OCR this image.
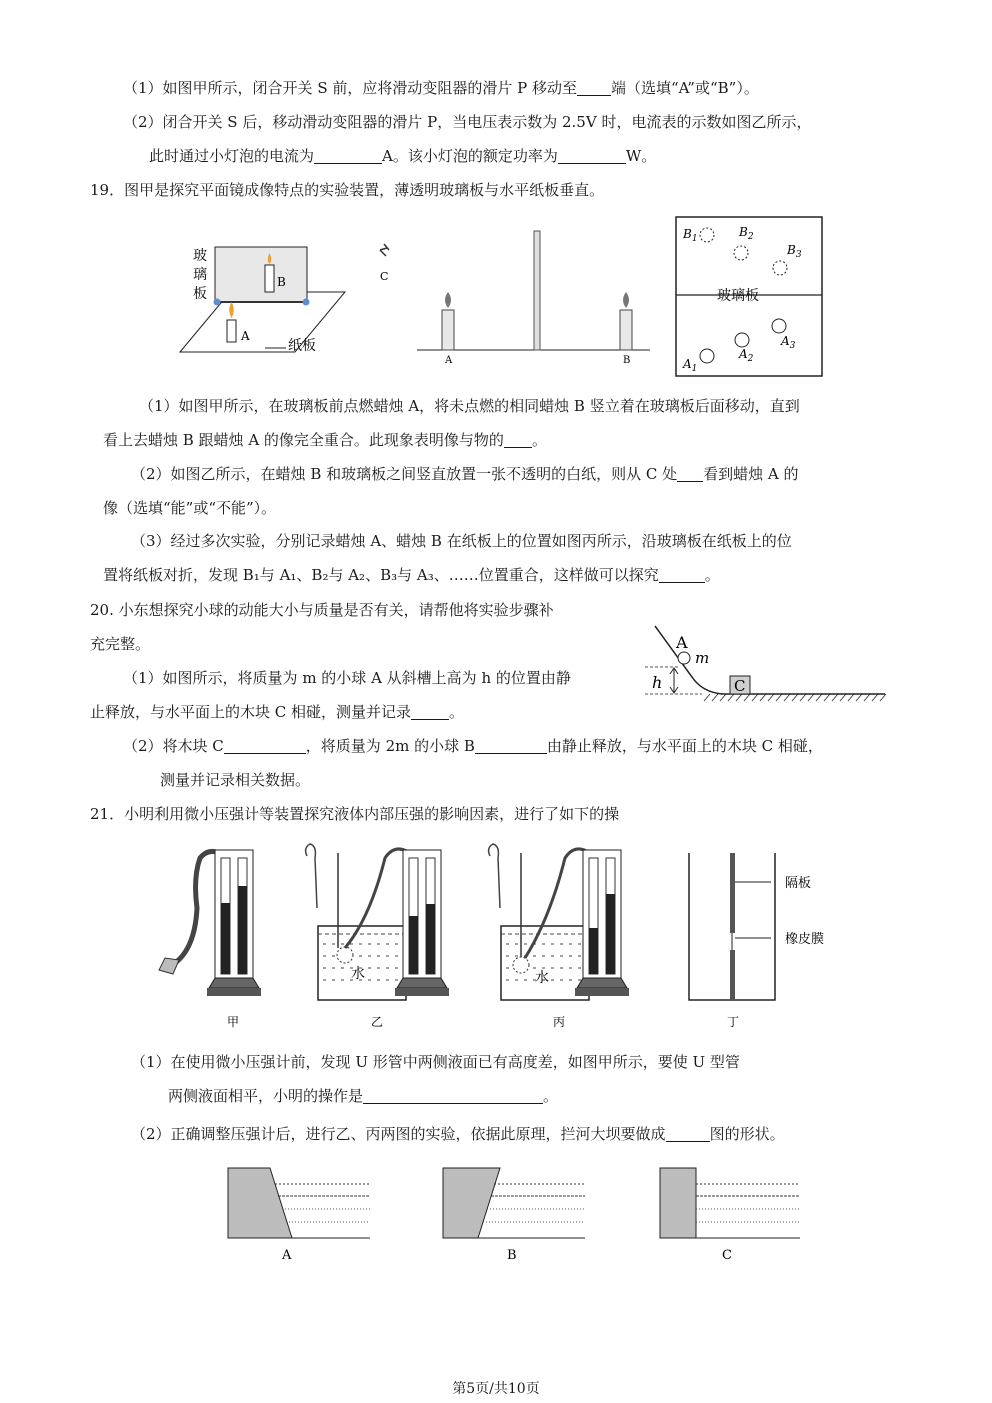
（1）如图甲所示，闭合开关 S 前，应将滑动变阻器的滑片 P 移动至 端（选填“A”或“B”）。
（2）闭合开关 S 后，移动滑动变阻器的滑片 P，当电压表示数为 2.5V 时，电流表的示数如图乙所示，
此时通过小灯泡的电流为	A。该小灯泡的额定功率为	W。
19．图甲是探究平面镜成像特点的实验装置，薄透明玻璃板与水平纸板垂直。
玻
璃
板
B
A
纸板
C
A	B
玻璃板
$B_1$	$B_2$
$B_3$
$A_3$
$A_2$
$A_1$
（1）如图甲所示，在玻璃板前点燃蜡烛 A，将未点燃的相同蜡烛 B 竖立着在玻璃板后面移动，直到
看上去蜡烛 B 跟蜡烛 A 的像完全重合。此现象表明像与物的 。
（2）如图乙所示，在蜡烛 B 和玻璃板之间竖直放置一张不透明的白纸，则从 C 处 看到蜡烛 A 的
像（选填“能”或“不能”）。
（3）经过多次实验，分别记录蜡烛 A、蜡烛 B 在纸板上的位置如图丙所示，沿玻璃板在纸板上的位
置将纸板对折，发现 B₁与 A₁、B₂与 A₂、B₃与 A₃、……位置重合，这样做可以探究	。
20. 小东想探究小球的动能大小与质量是否有关，请帮他将实验步骤补
充完整。	A
m
h	C
（1）如图所示，将质量为 m 的小球 A 从斜槽上高为 h 的位置由静
止释放，与水平面上的木块 C 相碰，测量并记录	。
（2）将木块 C	，将质量为 2m 的小球 B	由静止释放，与水平面上的木块 C 相碰，
测量并记录相关数据。
21．小明利用微小压强计等装置探究液体内部压强的影响因素，进行了如下的操
甲
水
乙
水
丙
隔板
橡皮膜
丁
（1）在使用微小压强计前，发现 U 形管中两侧液面已有高度差，如图甲所示，要使 U 型管
两侧液面相平，小明的操作是	。
（2）正确调整压强计后，进行乙、丙两图的实验，依据此原理，拦河大坝要做成	图的形状。
A	B	C
第5页/共10页
